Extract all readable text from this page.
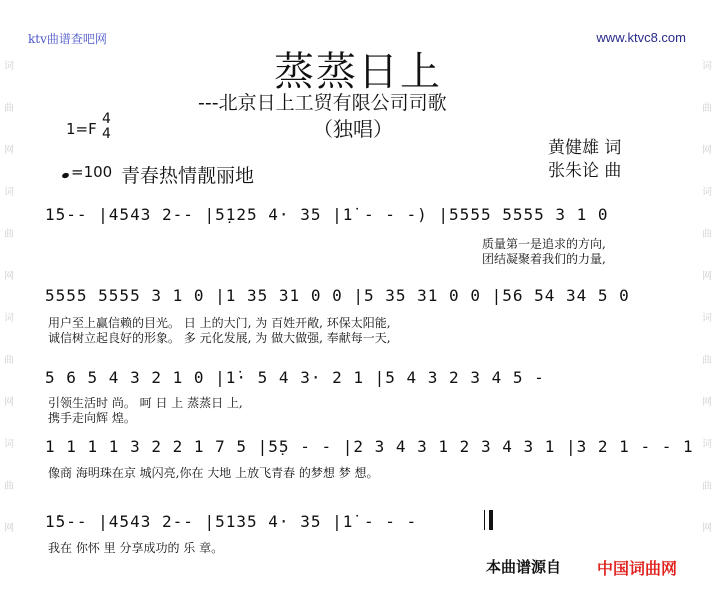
ktv曲谱查吧网	www.ktvc8.com
词
曲
网
词
曲
网
词
曲
网
词
曲
网
词
曲
网
词
曲
网
词
曲
网
词
曲
网
蒸蒸日上
---北京日上工贸有限公司司歌
（独唱）
1=F
4
4
=100 青春热情靓丽地
黄健雄 词
张朱论 曲
1̇5-- |4543 2-- |5̣125 4· 35 |1̇ - - -) |5555 5555 3 1 0
5555 5555 3 1 0 |1 35 31 0 0 |5 35 31 0 0 |56 54 34 5 0
5 6 5 4 3 2 1 0 |1̇· 5 4 3· 2 1 |5 4 3 2 3 4 5 -
1 1 1 1 3 2 2 1 7 5 |5̣5 - - |2 3 4 3 1 2 3 4 3 1 |3 2 1 - - 1
1̇5-- |4543 2-- |5135 4· 35 |1̇ - - -
质量第一是追求的方向,
团结凝聚着我们的力量,
用户至上赢信赖的目光。 日 上的大门, 为 百姓开敞, 环保太阳能,
诚信树立起良好的形象。 多 元化发展, 为 做大做强, 奉献每一天,
引领生活时 尚。 呵 日 上 蒸蒸日 上,
携手走向辉 煌。
像商 海明珠在京 城闪亮,你在 大地 上放飞青春 的梦想 梦 想。
我在 你怀 里 分享成功的 乐 章。
本曲谱源自 中国词曲网
